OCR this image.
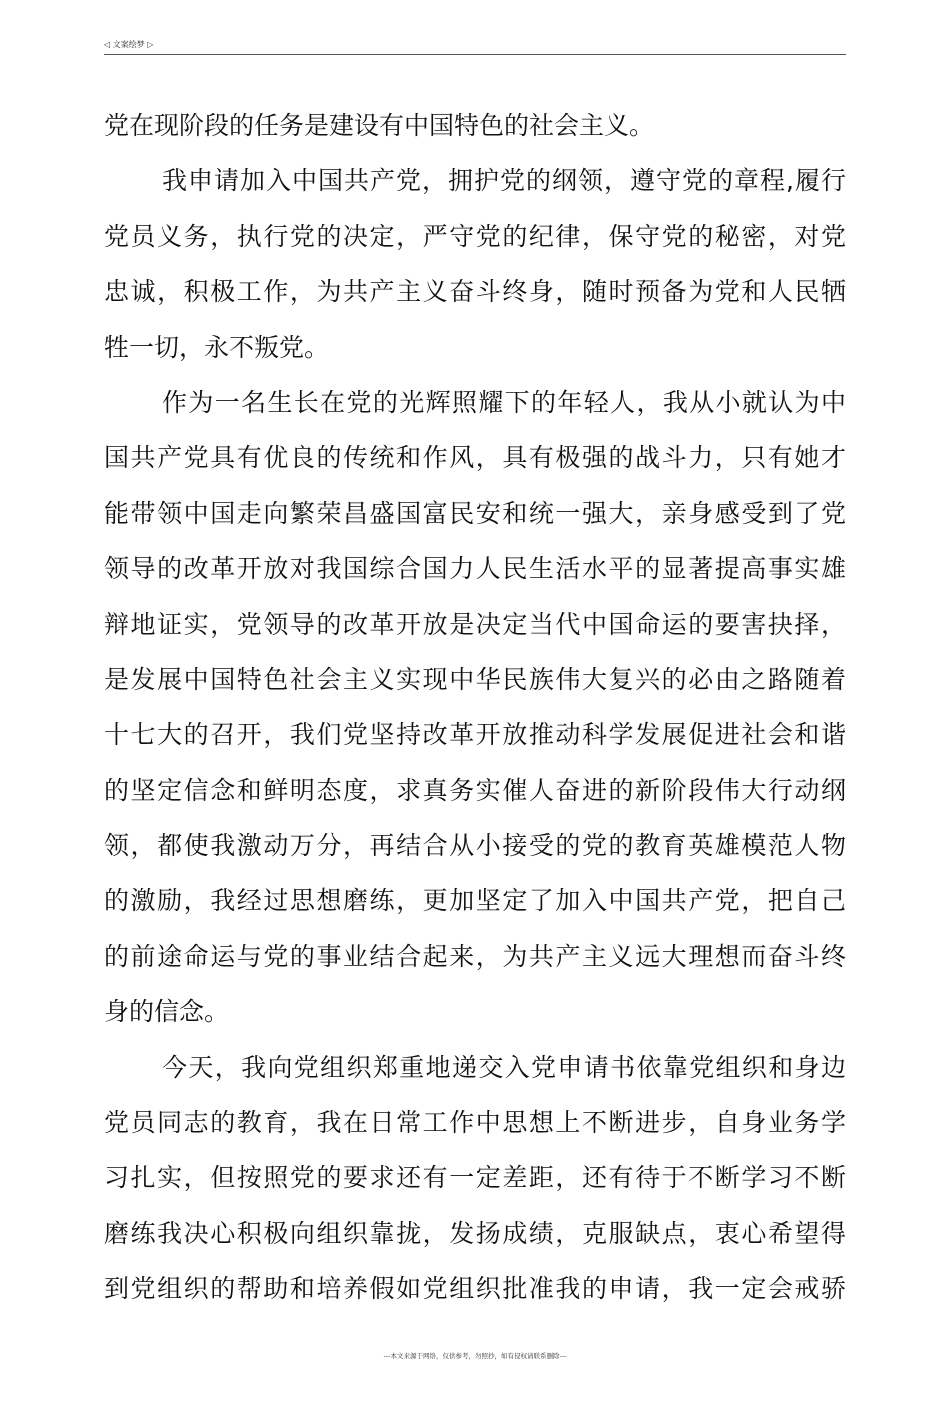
◁ 文案绘梦 ▷
党在现阶段的任务是建设有中国特色的社会主义。
我申请加入中国共产党，拥护党的纲领，遵守党的章程,履行
党员义务，执行党的决定，严守党的纪律，保守党的秘密，对党
忠诚，积极工作，为共产主义奋斗终身，随时预备为党和人民牺
牲一切，永不叛党。
作为一名生长在党的光辉照耀下的年轻人，我从小就认为中
国共产党具有优良的传统和作风，具有极强的战斗力，只有她才
能带领中国走向繁荣昌盛国富民安和统一强大，亲身感受到了党
领导的改革开放对我国综合国力人民生活水平的显著提高事实雄
辩地证实，党领导的改革开放是决定当代中国命运的要害抉择，
是发展中国特色社会主义实现中华民族伟大复兴的必由之路随着
十七大的召开，我们党坚持改革开放推动科学发展促进社会和谐
的坚定信念和鲜明态度，求真务实催人奋进的新阶段伟大行动纲
领，都使我激动万分，再结合从小接受的党的教育英雄模范人物
的激励，我经过思想磨练，更加坚定了加入中国共产党，把自己
的前途命运与党的事业结合起来，为共产主义远大理想而奋斗终
身的信念。
今天，我向党组织郑重地递交入党申请书依靠党组织和身边
党员同志的教育，我在日常工作中思想上不断进步，自身业务学
习扎实，但按照党的要求还有一定差距，还有待于不断学习不断
磨练我决心积极向组织靠拢，发扬成绩，克服缺点，衷心希望得
到党组织的帮助和培养假如党组织批准我的申请，我一定会戒骄
---本文来源于网络，仅供参考，勿照抄，如有侵权请联系删除---
